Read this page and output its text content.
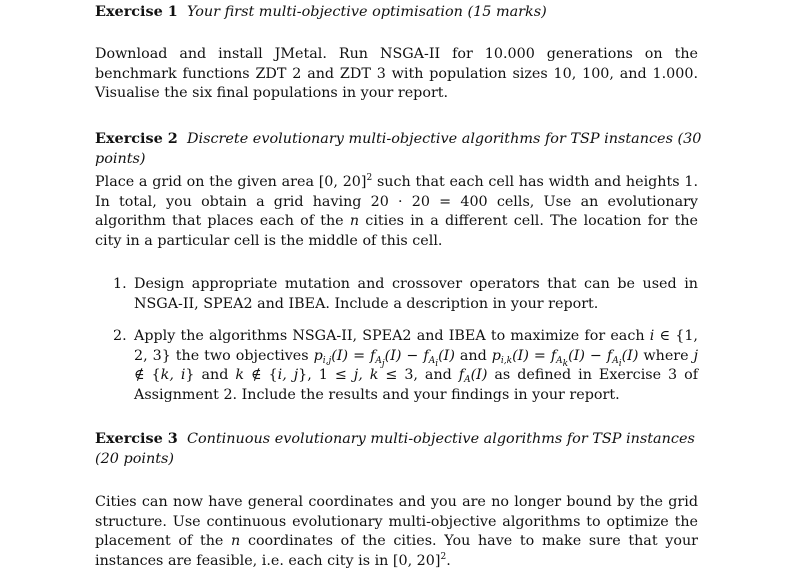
Exercise 1 Your first multi-objective optimisation (15 marks)

Download and install JMetal. Run NSGA-II for 10.000 generations on the benchmark functions ZDT 2 and ZDT 3 with population sizes 10, 100, and 1.000. Visualise the six final populations in your report.

Exercise 2 Discrete evolutionary multi-objective algorithms for TSP instances (30 points)

Place a grid on the given area [0, 20]$^2$ such that each cell has width and heights 1. In total, you obtain a grid having 20 · 20 = 400 cells, Use an evolutionary algorithm that places each of the n cities in a different cell. The location for the city in a particular cell is the middle of this cell.

1. Design appropriate mutation and crossover operators that can be used in NSGA-II, SPEA2 and IBEA. Include a description in your report.
2. Apply the algorithms NSGA-II, SPEA2 and IBEA to maximize for each i ∈ {1, 2, 3} the two objectives $p_{i,j}(I) = f_{A_j}(I) - f_{A_i}(I)$ and $p_{i,k}(I) = f_{A_k}(I) - f_{A_i}(I)$ where j ∉ {k, i} and k ∉ {i, j}, 1 ≤ j, k ≤ 3, and $f_A(I)$ as defined in Exercise 3 of Assignment 2. Include the results and your findings in your report.
Exercise 3 Continuous evolutionary multi-objective algorithms for TSP instances (20 points)

Cities can now have general coordinates and you are no longer bound by the grid structure. Use continuous evolutionary multi-objective algorithms to optimize the placement of the n coordinates of the cities. You have to make sure that your instances are feasible, i.e. each city is in [0, 20]$^2$.
